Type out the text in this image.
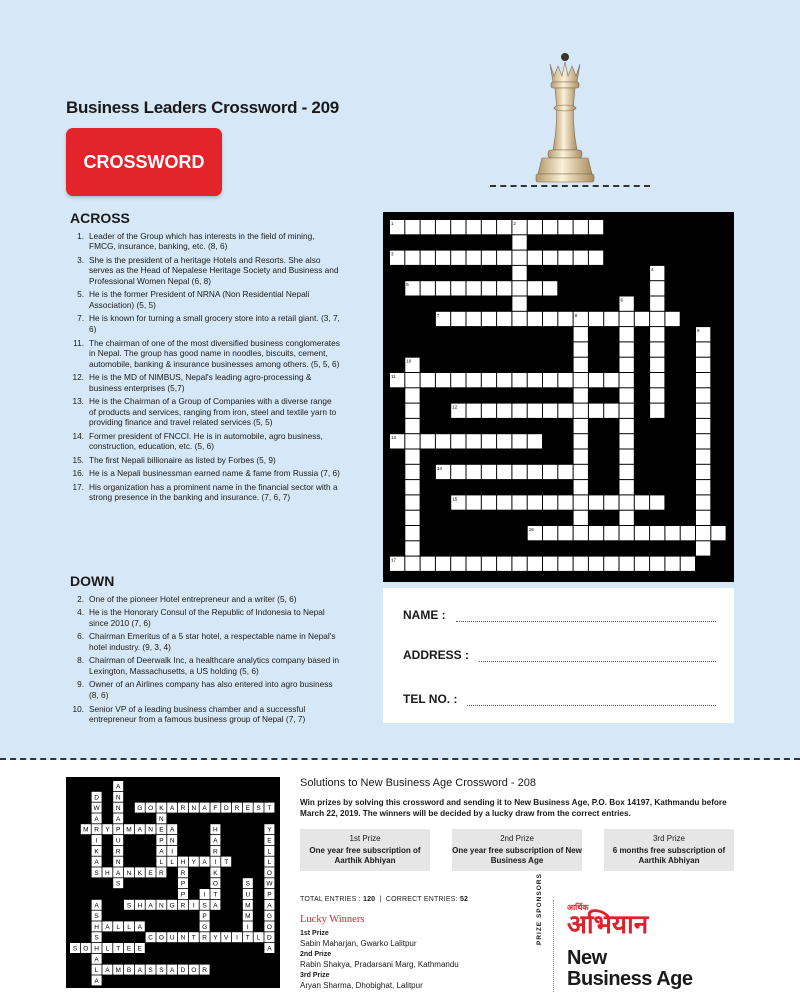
Business Leaders Crossword - 209
CROSSWORD
ACROSS
1. Leader of the Group which has interests in the field of mining, FMCG, insurance, banking, etc. (8, 6)
3. She is the president of a heritage Hotels and Resorts. She also serves as the Head of Nepalese Heritage Society and Business and Professional Women Nepal (6, 8)
5. He is the former President of NRNA (Non Residential Nepali Association) (5, 5)
7. He is known for turning a small grocery store into a retail giant. (3, 7, 6)
11. The chairman of one of the most diversified business conglomerates in Nepal. The group has good name in noodles, biscuits, cement, automobile, banking & insurance businesses among others. (5, 5, 6)
12. He is the MD of NIMBUS, Nepal's leading agro-processing & business enterprises (5,7)
13. He is the Chairman of a Group of Companies with a diverse range of products and services, ranging from iron, steel and textile yarn to providing finance and travel related services (5, 5)
14. Former president of FNCCI. He is in automobile, agro business, construction, education, etc. (5, 6)
15. The first Nepali billionaire as listed by Forbes (5, 9)
16. He is a Nepali businessman earned name & fame from Russia (7, 6)
17. His organization has a prominent name in the financial sector with a strong presence in the banking and insurance. (7, 6, 7)
DOWN
2. One of the pioneer Hotel entrepreneur and a writer (5, 6)
4. He is the Honorary Consul of the Republic of Indonesia to Nepal since 2010 (7, 6)
6. Chairman Emeritus of a 5 star hotel, a respectable name in Nepal's hotel industry. (9, 3, 4)
8. Chairman of Deerwalk Inc, a healthcare analytics company based in Lexington, Massachusetts, a US holding (5, 6)
9. Owner of an Airlines company has also entered into agro business (8, 6)
10. Senior VP of a leading business chamber and a successful entrepreneur from a famous business group of Nepal (7, 7)
1	2
3
5
7	8
11
12
13
14
15
16
17
4
6
9
10
NAME :
ADDRESS :
TEL NO. :
G O K A R N A F O R E S T
M R Y P M A N E A
H Y A I T
S H A N K E R
S H A N G R I S A
H A L L A
C O U N T R Y V I T L D
S O H L T E E
A M B A S S A D O R
A
N
N
A
U
R
N
S
D
W
A
I
K
A
N
P
A
L
Y
E
L
L
O
W
P
A
G
O
A
H
A
R
K
O
T
N
I
L
S
U
M
M
I
R
P
P	I
P
G
A
S
S
A
L
A
Solutions to New Business Age Crossword - 208
Win prizes by solving this crossword and sending it to New Business Age, P.O. Box 14197, Kathmandu before March 22, 2019. The winners will be decided by a lucky draw from the correct entries.
1st Prize
One year free subscription of Aarthik Abhiyan
2nd Prize
One year free subscription of New Business Age
3rd Prize
6 months free subscription of Aarthik Abhiyan
TOTAL ENTRIES : 120  |  CORRECT ENTRIES: 52
Lucky Winners
1st Prize
Sabin Maharjan, Gwarko Lalitpur
2nd Prize
Rabin Shakya, Pradarsani Marg, Kathmandu
3rd Prize
Aryan Sharma, Dhobighat, Lalitpur
PRIZE SPONSORS	आर्थिक
अभियान
New
Business Age
